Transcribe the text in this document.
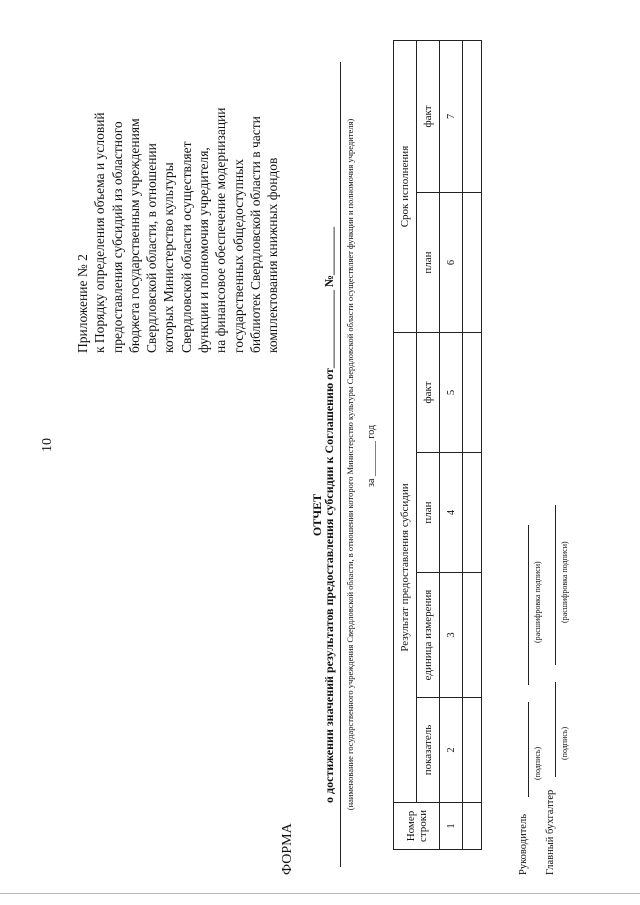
10
Приложение № 2 к Порядку определения объема и условий предоставления субсидий из областного бюджета государственным учреждениям Свердловской области, в отношении которых Министерство культуры Свердловской области осуществляет функции и полномочия учредителя, на финансовое обеспечение модернизации государственных общедоступных библиотек Свердловской области в части комплектования книжных фондов
ФОРМА
ОТЧЕТ
о достижении значений результатов предоставления субсидии к Соглашению от_____________ №________ (наименование государственного учреждения Свердловской области, в отношении которого Министерство культуры Свердловской области осуществляет функции и полномочия учредителя) за _______ год
Номер строки	Результат предоставления субсидии				Срок исполнения	
	показатель	единица измерения	план	факт	план	факт
1	2	3	4	5	6	7

Руководитель
(подпись)
(расшифровка подписи)
Главный бухгалтер
(подпись)
(расшифровка подписи)
